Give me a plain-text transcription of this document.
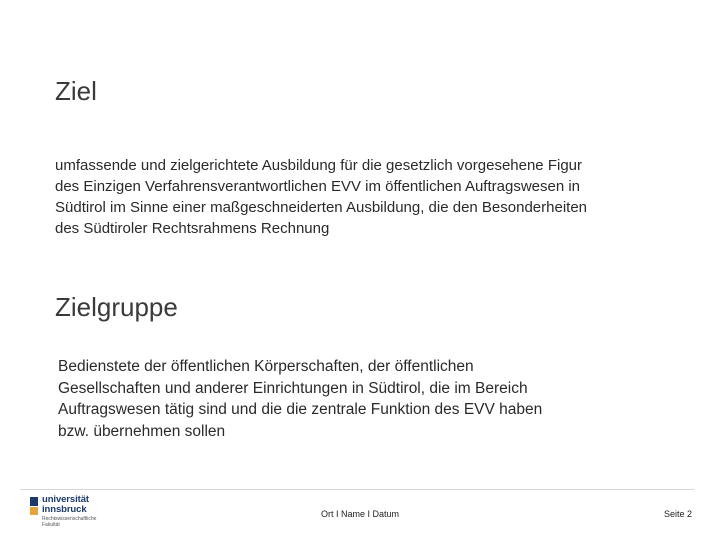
Ziel
umfassende und zielgerichtete Ausbildung für die gesetzlich vorgesehene Figur
des Einzigen Verfahrensverantwortlichen EVV im öffentlichen Auftragswesen in
Südtirol im Sinne einer maßgeschneiderten Ausbildung, die den Besonderheiten
des Südtiroler Rechtsrahmens Rechnung
Zielgruppe
Bedienstete der öffentlichen Körperschaften, der öffentlichen
Gesellschaften und anderer Einrichtungen in Südtirol, die im Bereich
Auftragswesen tätig sind und die die zentrale Funktion des EVV haben
bzw. übernehmen sollen
universität
innsbruck
Rechtswissenschaftliche
Fakultät
Ort I Name I Datum	Seite 2
